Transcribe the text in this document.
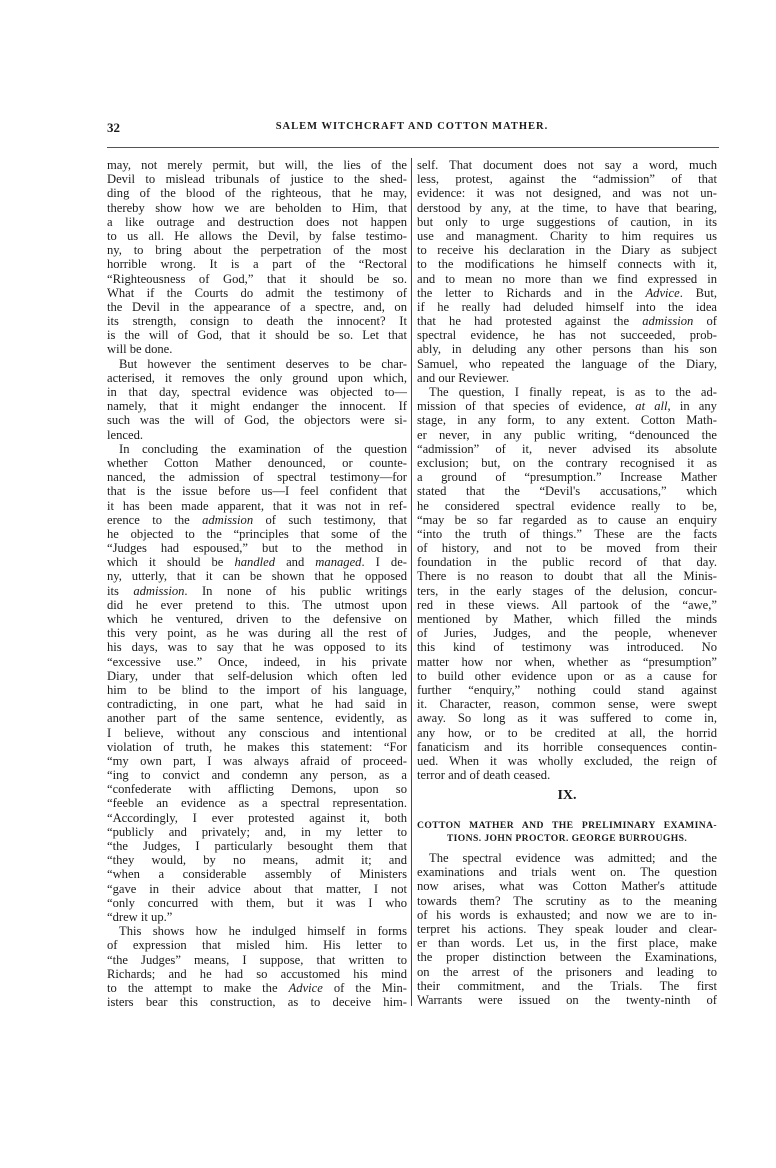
32	SALEM WITCHCRAFT AND COTTON MATHER.
may, not merely permit, but will, the lies of the
Devil to mislead tribunals of justice to the shed-
ding of the blood of the righteous, that he may,
thereby show how we are beholden to Him, that
a like outrage and destruction does not happen
to us all. He allows the Devil, by false testimo-
ny, to bring about the perpetration of the most
horrible wrong. It is a part of the “Rectoral
“Righteousness of God,” that it should be so.
What if the Courts do admit the testimony of
the Devil in the appearance of a spectre, and, on
its strength, consign to death the innocent? It
is the will of God, that it should be so. Let that
will be done.
But however the sentiment deserves to be char-
acterised, it removes the only ground upon which,
in that day, spectral evidence was objected to—
namely, that it might endanger the innocent. If
such was the will of God, the objectors were si-
lenced.
In concluding the examination of the question
whether Cotton Mather denounced, or counte-
nanced, the admission of spectral testimony—for
that is the issue before us—I feel confident that
it has been made apparent, that it was not in ref-
erence to the admission of such testimony, that
he objected to the “principles that some of the
“Judges had espoused,” but to the method in
which it should be handled and managed. I de-
ny, utterly, that it can be shown that he opposed
its admission. In none of his public writings
did he ever pretend to this. The utmost upon
which he ventured, driven to the defensive on
this very point, as he was during all the rest of
his days, was to say that he was opposed to its
“excessive use.” Once, indeed, in his private
Diary, under that self-delusion which often led
him to be blind to the import of his language,
contradicting, in one part, what he had said in
another part of the same sentence, evidently, as
I believe, without any conscious and intentional
violation of truth, he makes this statement: “For
“my own part, I was always afraid of proceed-
“ing to convict and condemn any person, as a
“confederate with afflicting Demons, upon so
“feeble an evidence as a spectral representation.
“Accordingly, I ever protested against it, both
“publicly and privately; and, in my letter to
“the Judges, I particularly besought them that
“they would, by no means, admit it; and
“when a considerable assembly of Ministers
“gave in their advice about that matter, I not
“only concurred with them, but it was I who
“drew it up.”
This shows how he indulged himself in forms
of expression that misled him. His letter to
“the Judges” means, I suppose, that written to
Richards; and he had so accustomed his mind
to the attempt to make the Advice of the Min-
isters bear this construction, as to deceive him-
self. That document does not say a word, much
less, protest, against the “admission” of that
evidence: it was not designed, and was not un-
derstood by any, at the time, to have that bearing,
but only to urge suggestions of caution, in its
use and managment. Charity to him requires us
to receive his declaration in the Diary as subject
to the modifications he himself connects with it,
and to mean no more than we find expressed in
the letter to Richards and in the Advice. But,
if he really had deluded himself into the idea
that he had protested against the admission of
spectral evidence, he has not succeeded, prob-
ably, in deluding any other persons than his son
Samuel, who repeated the language of the Diary,
and our Reviewer.
The question, I finally repeat, is as to the ad-
mission of that species of evidence, at all, in any
stage, in any form, to any extent. Cotton Math-
er never, in any public writing, “denounced the
“admission” of it, never advised its absolute
exclusion; but, on the contrary recognised it as
a ground of “presumption.” Increase Mather
stated that the “Devil's accusations,” which
he considered spectral evidence really to be,
“may be so far regarded as to cause an enquiry
“into the truth of things.” These are the facts
of history, and not to be moved from their
foundation in the public record of that day.
There is no reason to doubt that all the Minis-
ters, in the early stages of the delusion, concur-
red in these views. All partook of the “awe,”
mentioned by Mather, which filled the minds
of Juries, Judges, and the people, whenever
this kind of testimony was introduced. No
matter how nor when, whether as “presumption”
to build other evidence upon or as a cause for
further “enquiry,” nothing could stand against
it. Character, reason, common sense, were swept
away. So long as it was suffered to come in,
any how, or to be credited at all, the horrid
fanaticism and its horrible consequences contin-
ued. When it was wholly excluded, the reign of
terror and of death ceased.
IX.
COTTON MATHER AND THE PRELIMINARY EXAMINA-
TIONS. JOHN PROCTOR. GEORGE BURROUGHS.
The spectral evidence was admitted; and the
examinations and trials went on. The question
now arises, what was Cotton Mather's attitude
towards them? The scrutiny as to the meaning
of his words is exhausted; and now we are to in-
terpret his actions. They speak louder and clear-
er than words. Let us, in the first place, make
the proper distinction between the Examinations,
on the arrest of the prisoners and leading to
their commitment, and the Trials. The first
Warrants were issued on the twenty-ninth of
